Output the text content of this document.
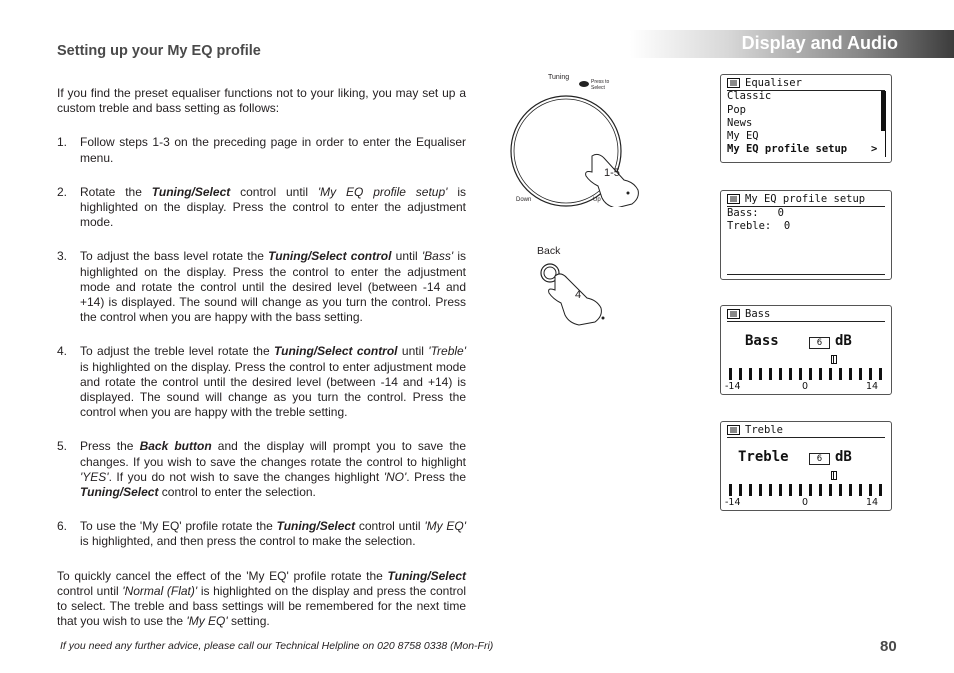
Display and Audio
Setting up your My EQ profile

If you find the preset equaliser functions not to your liking, you may set up a custom treble and bass setting as follows:

1. Follow steps 1-3 on the preceding page in order to enter the Equaliser menu.
2. Rotate the Tuning/Select control until 'My EQ profile setup' is highlighted on the display. Press the control to enter the adjustment mode.
3. To adjust the bass level rotate the Tuning/Select control until 'Bass' is highlighted on the display. Press the control to enter the adjustment mode and rotate the control until the desired level (between -14 and +14) is displayed. The sound will change as you turn the control. Press the control when you are happy with the bass setting.
4. To adjust the treble level rotate the Tuning/Select control until 'Treble' is highlighted on the display. Press the control to enter adjustment mode and rotate the control until the desired level (between -14 and +14) is displayed. The sound will change as you turn the control. Press the control when you are happy with the treble setting.
5. Press the Back button and the display will prompt you to save the changes. If you wish to save the changes rotate the control to highlight 'YES'. If you do not wish to save the changes highlight 'NO'. Press the Tuning/Select control to enter the selection.
6. To use the 'My EQ' profile rotate the Tuning/Select control until 'My EQ' is highlighted, and then press the control to make the selection.

To quickly cancel the effect of the 'My EQ' profile rotate the Tuning/Select control until 'Normal (Flat)' is highlighted on the display and press the control to select. The treble and bass settings will be remembered for the next time that you wish to use the 'My EQ' setting.

Tuning
Press to
Select
Down	Up
1-5
Back
4
Equaliser
Classic
Pop
News
My EQ
My EQ profile setup >
My EQ profile setup
Bass:   0
Treble:  0
Bass
Bass	6 dB
-14	0	14
Treble
Treble	6 dB
-14	0	14
If you need any further advice, please call our Technical Helpline on 020 8758 0338 (Mon-Fri)	80
